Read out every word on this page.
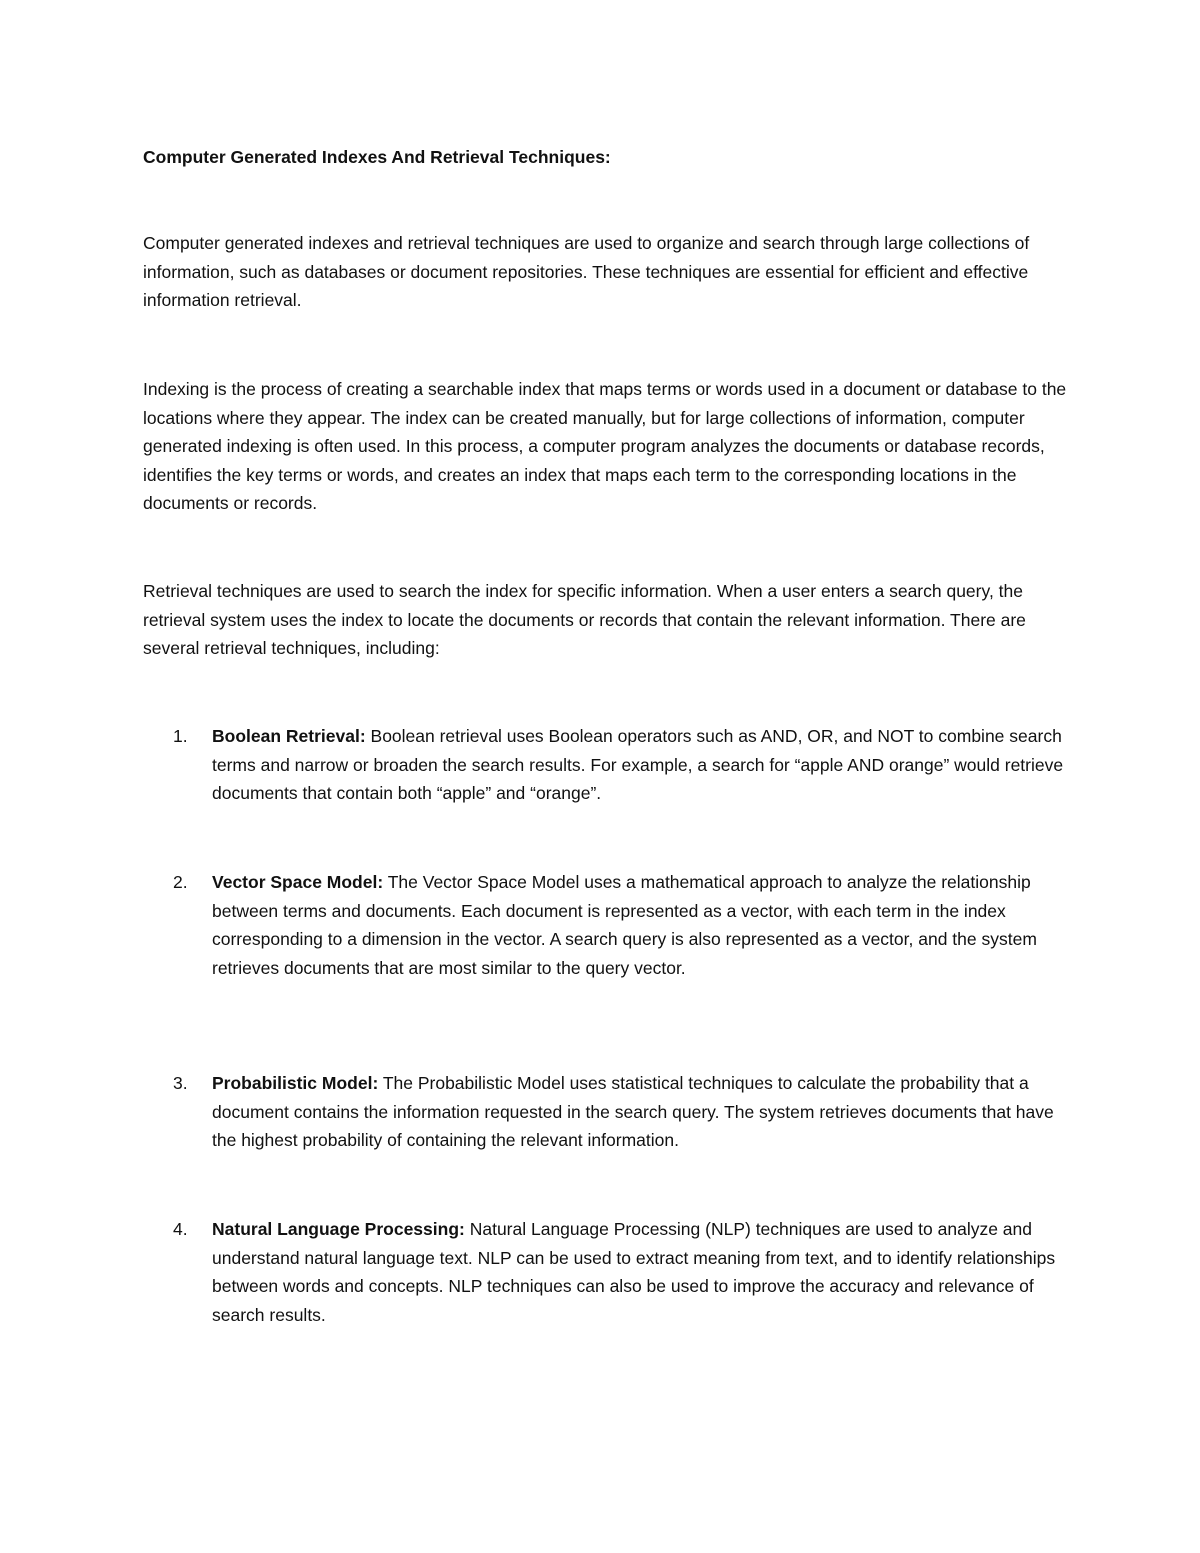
Computer Generated Indexes And Retrieval Techniques:

Computer generated indexes and retrieval techniques are used to organize and search through large collections of information, such as databases or document repositories. These techniques are essential for efficient and effective information retrieval.

Indexing is the process of creating a searchable index that maps terms or words used in a document or database to the locations where they appear. The index can be created manually, but for large collections of information, computer generated indexing is often used. In this process, a computer program analyzes the documents or database records, identifies the key terms or words, and creates an index that maps each term to the corresponding locations in the documents or records.

Retrieval techniques are used to search the index for specific information. When a user enters a search query, the retrieval system uses the index to locate the documents or records that contain the relevant information. There are several retrieval techniques, including:

1. Boolean Retrieval: Boolean retrieval uses Boolean operators such as AND, OR, and NOT to combine search terms and narrow or broaden the search results. For example, a search for “apple AND orange” would retrieve documents that contain both “apple” and “orange”.
2. Vector Space Model: The Vector Space Model uses a mathematical approach to analyze the relationship between terms and documents. Each document is represented as a vector, with each term in the index corresponding to a dimension in the vector. A search query is also represented as a vector, and the system retrieves documents that are most similar to the query vector.
3. Probabilistic Model: The Probabilistic Model uses statistical techniques to calculate the probability that a document contains the information requested in the search query. The system retrieves documents that have the highest probability of containing the relevant information.
4. Natural Language Processing: Natural Language Processing (NLP) techniques are used to analyze and understand natural language text. NLP can be used to extract meaning from text, and to identify relationships between words and concepts. NLP techniques can also be used to improve the accuracy and relevance of search results.
